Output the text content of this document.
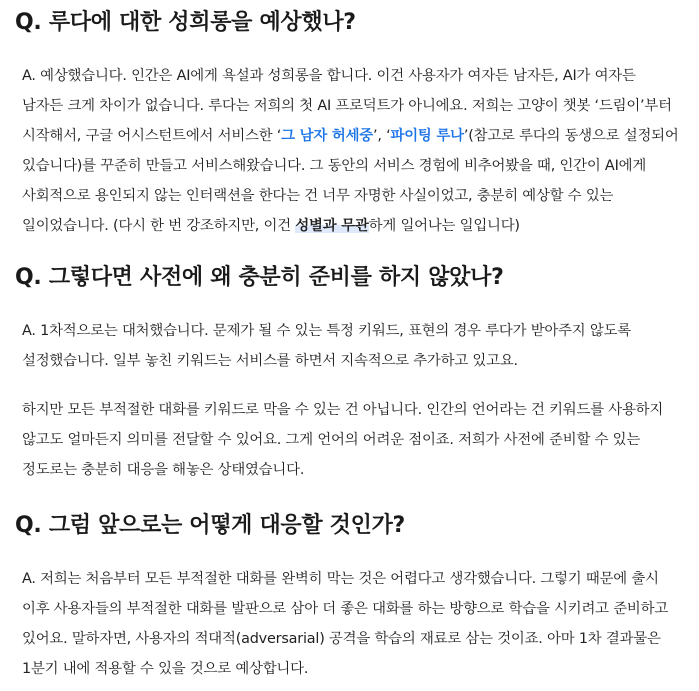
Q. 루다에 대한 성희롱을 예상했나?

A. 예상했습니다. 인간은 AI에게 욕설과 성희롱을 합니다. 이건 사용자가 여자든 남자든, AI가 여자든 남자든 크게 차이가 없습니다. 루다는 저희의 첫 AI 프로덕트가 아니에요. 저희는 고양이 챗봇 ‘드림이’부터 시작해서, 구글 어시스턴트에서 서비스한 ‘그 남자 허세중’, ‘파이팅 루나’(참고로 루다의 동생으로 설정되어 있습니다)를 꾸준히 만들고 서비스해왔습니다. 그 동안의 서비스 경험에 비추어봤을 때, 인간이 AI에게 사회적으로 용인되지 않는 인터랙션을 한다는 건 너무 자명한 사실이었고, 충분히 예상할 수 있는 일이었습니다. (다시 한 번 강조하지만, 이건 성별과 무관하게 일어나는 일입니다)

Q. 그렇다면 사전에 왜 충분히 준비를 하지 않았나?

A. 1차적으로는 대처했습니다. 문제가 될 수 있는 특정 키워드, 표현의 경우 루다가 받아주지 않도록 설정했습니다. 일부 놓친 키워드는 서비스를 하면서 지속적으로 추가하고 있고요.

하지만 모든 부적절한 대화를 키워드로 막을 수 있는 건 아닙니다. 인간의 언어라는 건 키워드를 사용하지 않고도 얼마든지 의미를 전달할 수 있어요. 그게 언어의 어려운 점이죠. 저희가 사전에 준비할 수 있는 정도로는 충분히 대응을 해놓은 상태였습니다.

Q. 그럼 앞으로는 어떻게 대응할 것인가?

A. 저희는 처음부터 모든 부적절한 대화를 완벽히 막는 것은 어렵다고 생각했습니다. 그렇기 때문에 출시 이후 사용자들의 부적절한 대화를 발판으로 삼아 더 좋은 대화를 하는 방향으로 학습을 시키려고 준비하고 있어요. 말하자면, 사용자의 적대적(adversarial) 공격을 학습의 재료로 삼는 것이죠. 아마 1차 결과물은 1분기 내에 적용할 수 있을 것으로 예상합니다.
